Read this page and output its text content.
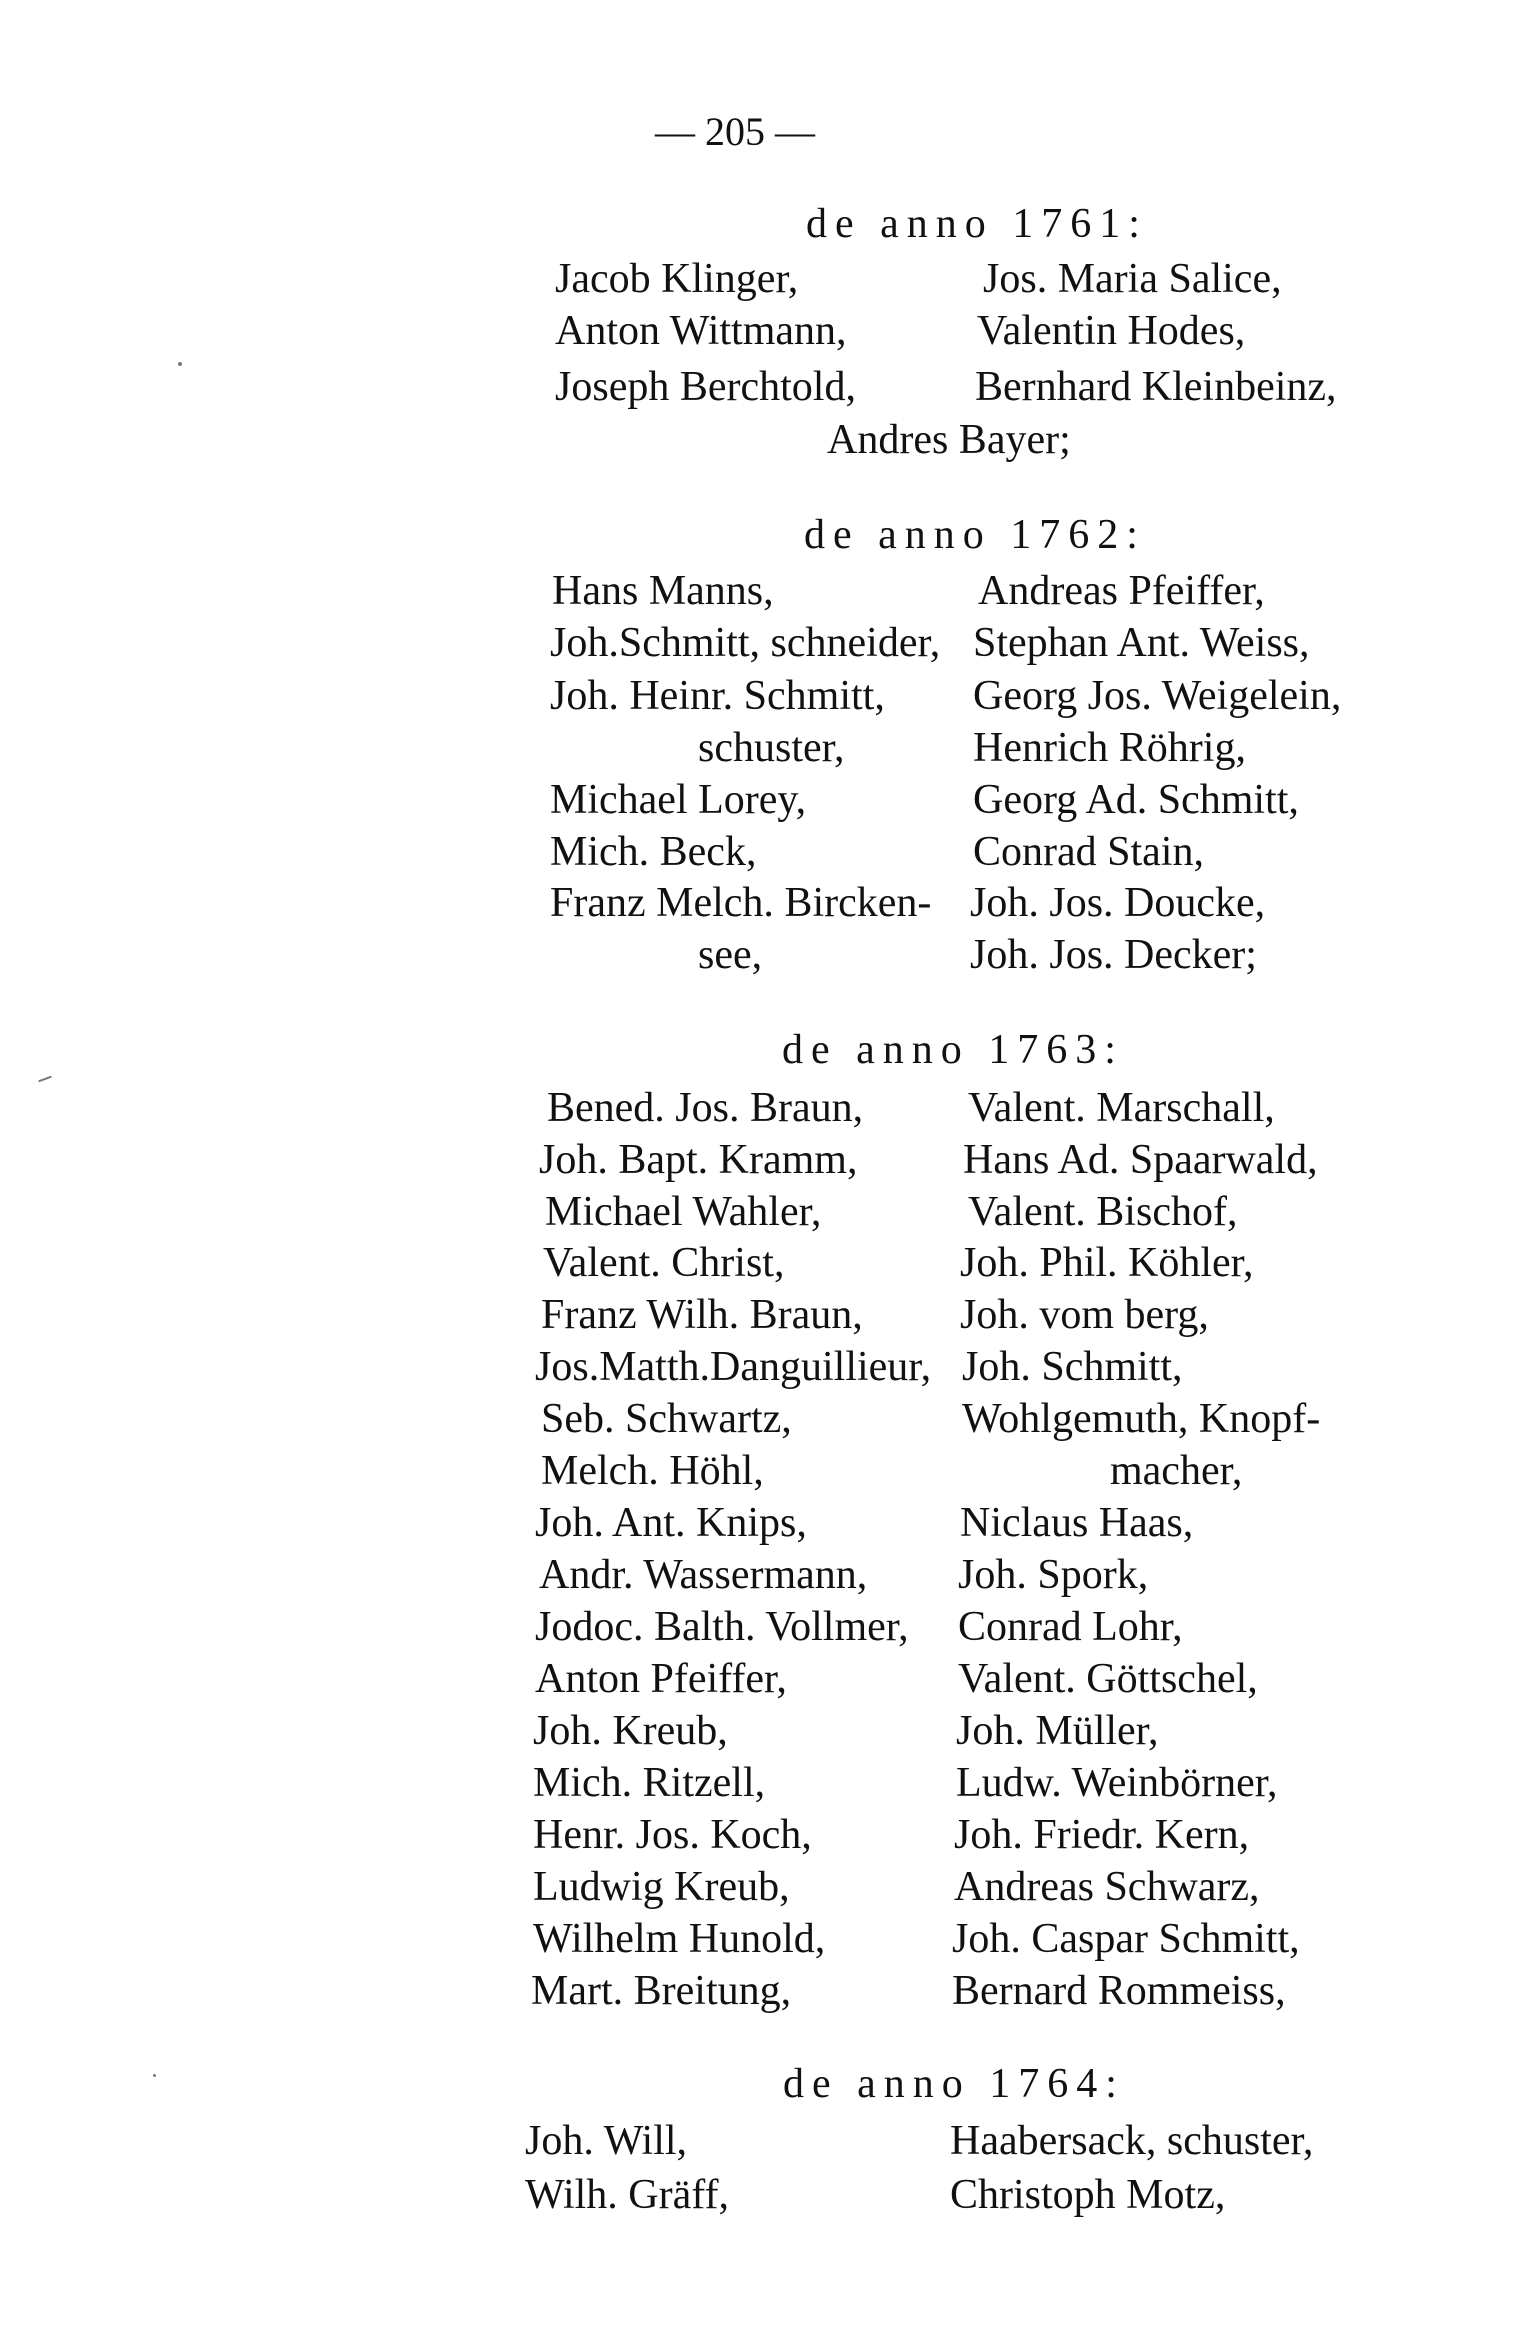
— 205 —
de anno 1761:
Jacob Klinger,
Anton Wittmann,
Joseph Berchtold,
Jos. Maria Salice,
Valentin Hodes,
Bernhard Kleinbeinz,
Andres Bayer;
de anno 1762:
Hans Manns,
Joh.Schmitt, schneider,
Joh. Heinr. Schmitt,
schuster,
Michael Lorey,
Mich. Beck,
Franz Melch. Bircken-
see,
Andreas Pfeiffer,
Stephan Ant. Weiss,
Georg Jos. Weigelein,
Henrich Röhrig,
Georg Ad. Schmitt,
Conrad Stain,
Joh. Jos. Doucke,
Joh. Jos. Decker;
de anno 1763:
Bened. Jos. Braun,
Joh. Bapt. Kramm,
Michael Wahler,
Valent. Christ,
Franz Wilh. Braun,
Jos.Matth.Danguillieur,
Seb. Schwartz,
Melch. Höhl,
Joh. Ant. Knips,
Andr. Wassermann,
Jodoc. Balth. Vollmer,
Anton Pfeiffer,
Joh. Kreub,
Mich. Ritzell,
Henr. Jos. Koch,
Ludwig Kreub,
Wilhelm Hunold,
Mart. Breitung,
Valent. Marschall,
Hans Ad. Spaarwald,
Valent. Bischof,
Joh. Phil. Köhler,
Joh. vom berg,
Joh. Schmitt,
Wohlgemuth, Knopf-
macher,
Niclaus Haas,
Joh. Spork,
Conrad Lohr,
Valent. Göttschel,
Joh. Müller,
Ludw. Weinbörner,
Joh. Friedr. Kern,
Andreas Schwarz,
Joh. Caspar Schmitt,
Bernard Rommeiss,
de anno 1764:
Joh. Will,
Wilh. Gräff,
Haabersack, schuster,
Christoph Motz,
